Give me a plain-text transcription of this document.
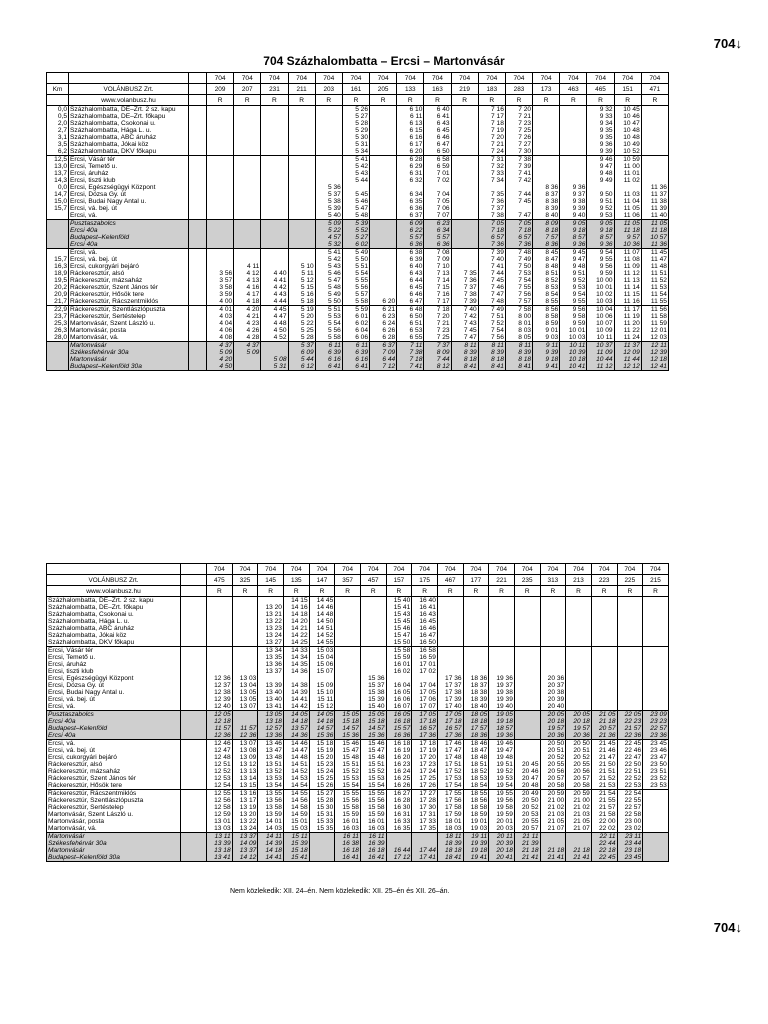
704↓
704 Százhalombatta – Ercsi – Martonvásár
			704	704	704	704	704	704	704	704	704	704	704	704	704	704	704	704	704
Km	VOLÁNBUSZ Zrt.		209	207	231	211	203	161	205	133	163	219	183	283	173	463	465	151	471
	www.volanbusz.hu		R	R	R	R	R	R	R	R	R	R	R	R	R	R	R	R	R
0,0	Százhalombatta, DE–Zrt. 2 sz. kapu							5 26		6 10	6 40		7 16	7 20			9 32	10 45	
0,5	Százhalombatta, DE–Zrt. főkapu							5 27		6 11	6 41		7 17	7 21			9 33	10 46	
2,0	Százhalombatta, Csokonai u.							5 28		6 13	6 43		7 18	7 23			9 34	10 47	
2,7	Százhalombatta, Hága L. u.							5 29		6 15	6 45		7 19	7 25			9 35	10 48	
3,1	Százhalombatta, ABC áruház							5 30		6 16	6 46		7 20	7 26			9 35	10 48	
3,5	Százhalombatta, Jókai köz							5 31		6 17	6 47		7 21	7 27			9 36	10 49	
6,2	Százhalombatta, DKV főkapu							5 34		6 20	6 50		7 24	7 30			9 39	10 52	
12,5	Ercsi, Vásár tér							5 41		6 28	6 58		7 31	7 38			9 46	10 59	
13,0	Ercsi, Temető u.							5 42		6 29	6 59		7 32	7 39			9 47	11 00	
13,7	Ercsi, áruház							5 43		6 31	7 01		7 33	7 41			9 48	11 01	
14,3	Ercsi, tiszti klub							5 44		6 32	7 02		7 34	7 42			9 49	11 02	
0,0	Ercsi, Egészségügyi Központ						5 36								8 36	9 36			11 36
14,7	Ercsi, Dózsa Gy. út						5 37	5 45		6 34	7 04		7 35	7 44	8 37	9 37	9 50	11 03	11 37
15,0	Ercsi, Budai Nagy Antal u.						5 38	5 46		6 35	7 05		7 36	7 45	8 38	9 38	9 51	11 04	11 38
15,7	Ercsi, vá. bej. út						5 39	5 47		6 36	7 06		7 37		8 39	9 39	9 52	11 05	11 39
	Ercsi, vá.						5 40	5 48		6 37	7 07		7 38	7 47	8 40	9 40	9 53	11 06	11 40
	Pusztaszabolcs						5 09	5 39		6 09	6 23		7 05	7 05	8 09	9 05	9 05	11 05	11 05
	Ercsi 40a						5 22	5 52		6 22	6 34		7 18	7 18	8 18	9 18	9 18	11 18	11 18
	Budapest–Kelenföld						4 57	5 27		5 57	5 57		6 57	6 57	7 57	8 57	8 57	9 57	10 57
	Ercsi 40a						5 32	6 02		6 36	6 36		7 36	7 36	8 36	9 36	9 36	10 36	11 36
	Ercsi, vá.						5 41	5 49		6 38	7 08		7 39	7 48	8 45	9 45	9 54	11 07	11 45
15,7	Ercsi, vá. bej. út						5 42	5 50		6 39	7 09		7 40	7 49	8 47	9 47	9 55	11 08	11 47
16,3	Ercsi, cukorgyári bejáró			4 11		5 10	5 43	5 51		6 40	7 10		7 41	7 50	8 48	9 48	9 56	11 09	11 48
18,9	Ráckeresztúr, alsó		3 56	4 12	4 40	5 11	5 46	5 54		6 43	7 13	7 35	7 44	7 53	8 51	9 51	9 59	11 12	11 51
19,5	Ráckeresztúr, mázsaház		3 57	4 13	4 41	5 12	5 47	5 55		6 44	7 14	7 36	7 45	7 54	8 52	9 52	10 00	11 13	11 52
20,2	Ráckeresztúr, Szent János tér		3 58	4 16	4 42	5 15	5 48	5 56		6 45	7 15	7 37	7 46	7 55	8 53	9 53	10 01	11 14	11 53
20,9	Ráckeresztúr, Hősök tere		3 59	4 17	4 43	5 16	5 49	5 57		6 46	7 16	7 38	7 47	7 56	8 54	9 54	10 02	11 15	11 54
21,7	Ráckeresztúr, Rácszentmiklós		4 00	4 18	4 44	5 18	5 50	5 58	6 20	6 47	7 17	7 39	7 48	7 57	8 55	9 55	10 03	11 16	11 55
22,9	Ráckeresztúr, Szentlászlópuszta		4 01	4 20	4 45	5 19	5 51	5 59	6 21	6 48	7 18	7 40	7 49	7 58	8 56	9 56	10 04	11 17	11 56
23,7	Ráckeresztúr, Sertéstelep		4 03	4 21	4 47	5 20	5 53	6 01	6 23	6 50	7 20	7 42	7 51	8 00	8 58	9 58	10 06	11 19	11 58
25,3	Martonvásár, Szent László u.		4 04	4 23	4 48	5 22	5 54	6 02	6 24	6 51	7 21	7 43	7 52	8 01	8 59	9 59	10 07	11 20	11 59
26,3	Martonvásár, posta		4 06	4 26	4 50	5 25	5 56	6 04	6 26	6 53	7 23	7 45	7 54	8 03	9 01	10 01	10 09	11 22	12 01
28,0	Martonvásár, vá.		4 08	4 28	4 52	5 28	5 58	6 06	6 28	6 55	7 25	7 47	7 56	8 05	9 03	10 03	10 11	11 24	12 03
	Martonvásár		4 37	4 37		5 37	6 11	6 11	6 37	7 11	7 37	8 11	8 11	8 11	9 11	10 11	10 37	11 37	12 11
	Székesfehérvár 30a		5 09	5 09		6 09	6 39	6 39	7 09	7 38	8 09	8 39	8 39	8 39	9 39	10 39	11 09	12 09	12 39
	Martonvásár		4 20		5 08	5 44	6 16	6 16	6 44	7 18	7 44	8 18	8 18	8 18	9 18	10 18	10 44	11 44	12 18
	Budapest–Kelenföld 30a		4 50		5 31	6 12	6 41	6 41	7 12	7 41	8 12	8 41	8 41	8 41	9 41	10 41	11 12	12 12	12 41
		704	704	704	704	704	704	704	704	704	704	704	704	704	704	704	704	704	704
VOLÁNBUSZ Zrt.		475	325	145	135	147	357	457	157	175	467	177	221	235	313	213	223	225	215
www.volanbusz.hu		R	R	R	R	R	R	R	R	R	R	R	R	R	R	R	R	R	R
Százhalombatta, DE–Zrt. 2 sz. kapu					14 15	14 45			15 40	16 40									
Százhalombatta, DE–Zrt. főkapu				13 20	14 16	14 46			15 41	16 41									
Százhalombatta, Csokonai u.				13 21	14 18	14 48			15 43	16 43									
Százhalombatta, Hága L. u.				13 22	14 20	14 50			15 45	16 45									
Százhalombatta, ABC áruház				13 23	14 21	14 51			15 46	16 46									
Százhalombatta, Jókai köz				13 24	14 22	14 52			15 47	16 47									
Százhalombatta, DKV főkapu				13 27	14 25	14 55			15 50	16 50									
Ercsi, Vásár tér				13 34	14 33	15 03			15 58	16 58									
Ercsi, Temető u.				13 35	14 34	15 04			15 59	16 59									
Ercsi, áruház				13 36	14 35	15 06			16 01	17 01									
Ercsi, tiszti klub				13 37	14 36	15 07			16 02	17 02									
Ercsi, Egészségügyi Központ		12 36	13 03					15 36			17 36	18 36	19 36		20 36				
Ercsi, Dózsa Gy. út		12 37	13 04	13 39	14 38	15 09		15 37	16 04	17 04	17 37	18 37	19 37		20 37				
Ercsi, Budai Nagy Antal u.		12 38	13 05	13 40	14 39	15 10		15 38	16 05	17 05	17 38	18 38	19 38		20 38				
Ercsi, vá. bej. út		12 39	13 05	13 40	14 41	15 11		15 39	16 06	17 06	17 39	18 39	19 39		20 39				
Ercsi, vá.		12 40	13 07	13 41	14 42	15 12		15 40	16 07	17 07	17 40	18 40	19 40		20 40				
Pusztaszabolcs		12 05		13 05	14 05	14 05	15 05	15 05	16 05	17 05	17 05	18 05	19 05		20 05	20 05	21 05	22 05	23 09
Ercsi 40a		12 18		13 18	14 18	14 18	15 18	15 18	16 18	17 18	17 18	18 18	19 18		20 18	20 18	21 18	22 23	23 23
Budapest–Kelenföld		11 57	11 57	12 57	13 57	14 57	14 57	14 57	15 57	16 57	16 57	17 57	18 57		19 57	19 57	20 57	21 57	22 57
Ercsi 40a		12 36	12 36	13 36	14 36	15 36	15 36	15 36	16 36	17 36	17 36	18 36	19 36		20 36	20 36	21 36	22 36	23 36
Ercsi, vá.		12 46	13 07	13 46	14 46	15 18	15 46	15 46	16 18	17 18	17 46	18 46	19 46		20 50	20 50	21 45	22 45	23 45
Ercsi, vá. bej. út		12 47	13 08	13 47	14 47	15 19	15 47	15 47	16 19	17 19	17 47	18 47	19 47		20 51	20 51	21 46	22 46	23 46
Ercsi, cukorgyári bejáró		12 48	13 09	13 48	14 48	15 20	15 48	15 48	16 20	17 20	17 48	18 48	19 48		20 52	20 52	21 47	22 47	23 47
Ráckeresztúr, alsó		12 51	13 12	13 51	14 51	15 23	15 51	15 51	16 23	17 23	17 51	18 51	19 51	20 45	20 55	20 55	21 50	22 50	23 50
Ráckeresztúr, mázsaház		12 52	13 13	13 52	14 52	15 24	15 52	15 52	16 24	17 24	17 52	18 52	19 52	20 46	20 56	20 56	21 51	22 51	23 51
Ráckeresztúr, Szent János tér		12 53	13 14	13 53	14 53	15 25	15 53	15 53	16 25	17 25	17 53	18 53	19 53	20 47	20 57	20 57	21 52	22 52	23 52
Ráckeresztúr, Hősök tere		12 54	13 15	13 54	14 54	15 26	15 54	15 54	16 26	17 26	17 54	18 54	19 54	20 48	20 58	20 58	21 53	22 53	23 53
Ráckeresztúr, Rácszentmiklós		12 55	13 16	13 55	14 55	15 27	15 55	15 55	16 27	17 27	17 55	18 55	19 55	20 49	20 59	20 59	21 54	22 54	
Ráckeresztúr, Szentlászlópuszta		12 56	13 17	13 56	14 56	15 28	15 56	15 56	16 28	17 28	17 56	18 56	19 56	20 50	21 00	21 00	21 55	22 55	
Ráckeresztúr, Sertéstelep		12 58	13 19	13 58	14 58	15 30	15 58	15 58	16 30	17 30	17 58	18 58	19 58	20 52	21 02	21 02	21 57	22 57	
Martonvásár, Szent László u.		12 59	13 20	13 59	14 59	15 31	15 59	15 59	16 31	17 31	17 59	18 59	19 59	20 53	21 03	21 03	21 58	22 58	
Martonvásár, posta		13 01	13 22	14 01	15 01	15 33	16 01	16 01	16 33	17 33	18 01	19 01	20 01	20 55	21 05	21 05	22 00	23 00	
Martonvásár, vá.		13 03	13 24	14 03	15 03	15 35	16 03	16 03	16 35	17 35	18 03	19 03	20 03	20 57	21 07	21 07	22 02	23 02	
Martonvásár		13 11	13 37	14 11	15 11		16 11	16 11			18 11	19 11	20 11	21 11			22 11	23 11	
Székesfehérvár 30a		13 39	14 09	14 39	15 39		16 38	16 39			18 39	19 39	20 39	21 39			22 44	23 44	
Martonvásár		13 18	13 37	14 18	15 18		16 18	16 18	16 44	17 44	18 18	19 18	20 18	21 18	21 18	21 18	22 18	23 18	
Budapest–Kelenföld 30a		13 41	14 12	14 41	15 41		16 41	16 41	17 12	17 41	18 41	19 41	20 41	21 41	21 41	21 41	22 45	23 45	
Nem közlekedik: XII. 24–én. Nem közlekedik: XII. 25–én és XII. 26–án.
704↓
